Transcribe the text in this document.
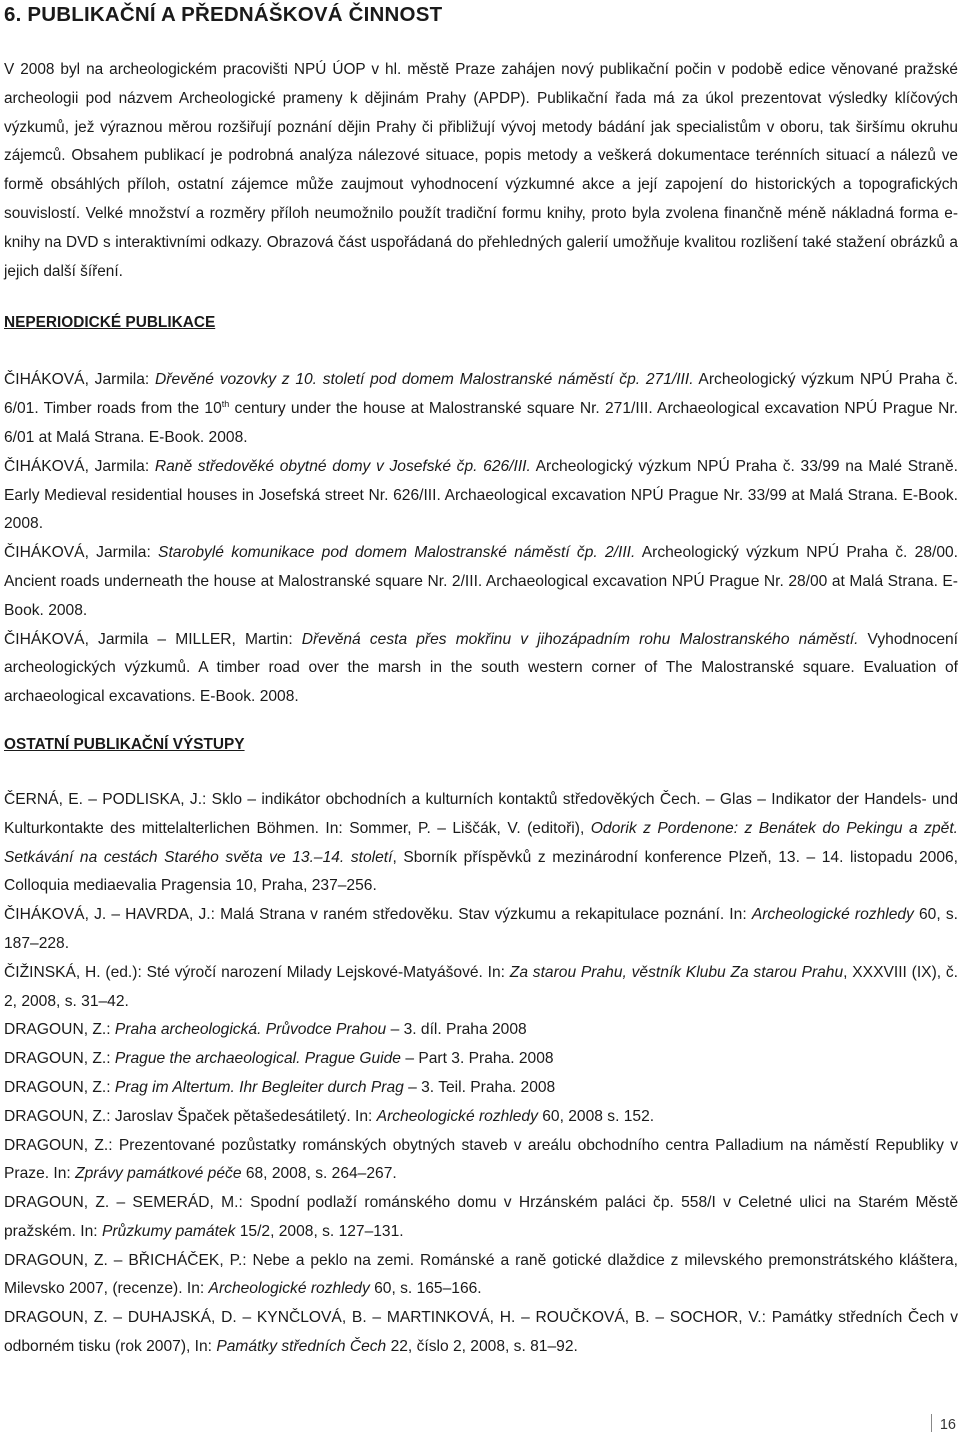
6. PUBLIKAČNÍ A PŘEDNÁŠKOVÁ ČINNOST

V 2008 byl na archeologickém pracovišti NPÚ ÚOP v hl. městě Praze zahájen nový publikační počin v podobě edice věnované pražské archeologii pod názvem Archeologické prameny k dějinám Prahy (APDP). Publikační řada má za úkol prezentovat výsledky klíčových výzkumů, jež výraznou měrou rozšiřují poznání dějin Prahy či přibližují vývoj metody bádání jak specialistům v oboru, tak širšímu okruhu zájemců. Obsahem publikací je podrobná analýza nálezové situace, popis metody a veškerá dokumentace terénních situací a nálezů ve formě obsáhlých příloh, ostatní zájemce může zaujmout vyhodnocení výzkumné akce a její zapojení do historických a topografických souvislostí. Velké množství a rozměry příloh neumožnilo použít tradiční formu knihy, proto byla zvolena finančně méně nákladná forma e-knihy na DVD s interaktivními odkazy. Obrazová část uspořádaná do přehledných galerií umožňuje kvalitou rozlišení také stažení obrázků a jejich další šíření.

NEPERIODICKÉ PUBLIKACE

ČIHÁKOVÁ, Jarmila: Dřevěné vozovky z 10. století pod domem Malostranské náměstí čp. 271/III. Archeologický výzkum NPÚ Praha č. 6/01. Timber roads from the 10th century under the house at Malostranské square Nr. 271/III. Archaeological excavation NPÚ Prague Nr. 6/01 at Malá Strana. E-Book. 2008.

ČIHÁKOVÁ, Jarmila: Raně středověké obytné domy v Josefské čp. 626/III. Archeologický výzkum NPÚ Praha č. 33/99 na Malé Straně. Early Medieval residential houses in Josefská street Nr. 626/III. Archaeological excavation NPÚ Prague Nr. 33/99 at Malá Strana. E-Book. 2008.

ČIHÁKOVÁ, Jarmila: Starobylé komunikace pod domem Malostranské náměstí čp. 2/III. Archeologický výzkum NPÚ Praha č. 28/00. Ancient roads underneath the house at Malostranské square Nr. 2/III. Archaeological excavation NPÚ Prague Nr. 28/00 at Malá Strana. E-Book. 2008.

ČIHÁKOVÁ, Jarmila – MILLER, Martin: Dřevěná cesta přes mokřinu v jihozápadním rohu Malostranského náměstí. Vyhodnocení archeologických výzkumů. A timber road over the marsh in the south western corner of The Malostranské square. Evaluation of archaeological excavations. E-Book. 2008.

OSTATNÍ PUBLIKAČNÍ VÝSTUPY

ČERNÁ, E. – PODLISKA, J.: Sklo – indikátor obchodních a kulturních kontaktů středověkých Čech. – Glas – Indikator der Handels- und Kulturkontakte des mittelalterlichen Böhmen. In: Sommer, P. – Liščák, V. (editoři), Odorik z Pordenone: z Benátek do Pekingu a zpět. Setkávání na cestách Starého světa ve 13.–14. století, Sborník příspěvků z mezinárodní konference Plzeň, 13. – 14. listopadu 2006, Colloquia mediaevalia Pragensia 10, Praha, 237–256.

ČIHÁKOVÁ, J. – HAVRDA, J.: Malá Strana v raném středověku. Stav výzkumu a rekapitulace poznání. In: Archeologické rozhledy 60, s. 187–228.

ČIŽINSKÁ, H. (ed.): Sté výročí narození Milady Lejskové-Matyášové. In: Za starou Prahu, věstník Klubu Za starou Prahu, XXXVIII (IX), č. 2, 2008, s. 31–42.

DRAGOUN, Z.: Praha archeologická. Průvodce Prahou – 3. díl. Praha 2008

DRAGOUN, Z.: Prague the archaeological. Prague Guide – Part 3. Praha. 2008

DRAGOUN, Z.: Prag im Altertum. Ihr Begleiter durch Prag – 3. Teil. Praha. 2008

DRAGOUN, Z.: Jaroslav Špaček pětašedesátiletý. In: Archeologické rozhledy 60, 2008 s. 152.

DRAGOUN, Z.: Prezentované pozůstatky románských obytných staveb v areálu obchodního centra Palladium na náměstí Republiky v Praze. In: Zprávy památkové péče 68, 2008, s. 264–267.

DRAGOUN, Z. – SEMERÁD, M.: Spodní podlaží románského domu v Hrzánském paláci čp. 558/I v Celetné ulici na Starém Městě pražském. In: Průzkumy památek 15/2, 2008, s. 127–131.

DRAGOUN, Z. – BŘICHÁČEK, P.: Nebe a peklo na zemi. Románské a raně gotické dlaždice z milevského premonstrátského kláštera, Milevsko 2007, (recenze). In: Archeologické rozhledy 60, s. 165–166.

DRAGOUN, Z. – DUHAJSKÁ, D. – KYNČLOVÁ, B. – MARTINKOVÁ, H. – ROUČKOVÁ, B. – SOCHOR, V.: Památky středních Čech v odborném tisku (rok 2007), In: Památky středních Čech 22, číslo 2, 2008, s. 81–92.

16
